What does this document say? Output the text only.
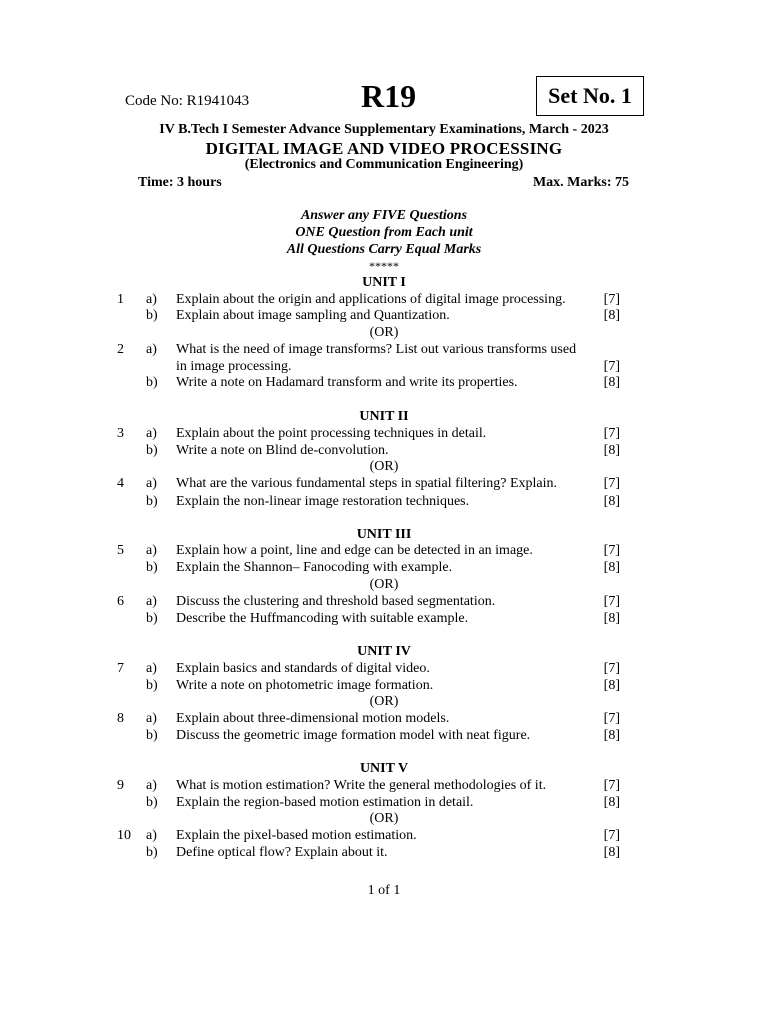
Code No: R1941043	R19	Set No. 1
IV B.Tech I Semester Advance Supplementary Examinations, March - 2023
DIGITAL IMAGE AND VIDEO PROCESSING
(Electronics and Communication Engineering)
Time: 3 hours	Max. Marks: 75
Answer any FIVE Questions
ONE Question from Each unit
All Questions Carry Equal Marks
*****
UNIT I
1 a) Explain about the origin and applications of digital image processing.	[7]
b) Explain about image sampling and Quantization.	[8]
(OR)
2 a) What is the need of image transforms? List out various transforms used
in image processing.	[7]
b) Write a note on Hadamard transform and write its properties.	[8]
UNIT II
3 a) Explain about the point processing techniques in detail.	[7]
b) Write a note on Blind de-convolution.	[8]
(OR)
4 a) What are the various fundamental steps in spatial filtering? Explain.	[7]
b) Explain the non-linear image restoration techniques.	[8]
UNIT III
5 a) Explain how a point, line and edge can be detected in an image.	[7]
b) Explain the Shannon– Fanocoding with example.	[8]
(OR)
6 a) Discuss the clustering and threshold based segmentation.	[7]
b) Describe the Huffmancoding with suitable example.	[8]
UNIT IV
7 a) Explain basics and standards of digital video.	[7]
b) Write a note on photometric image formation.	[8]
(OR)
8 a) Explain about three-dimensional motion models.	[7]
b) Discuss the geometric image formation model with neat figure.	[8]
UNIT V
9 a) What is motion estimation? Write the general methodologies of it.	[7]
b) Explain the region-based motion estimation in detail.	[8]
(OR)
10 a) Explain the pixel-based motion estimation.	[7]
b) Define optical flow? Explain about it.	[8]
1 of 1
